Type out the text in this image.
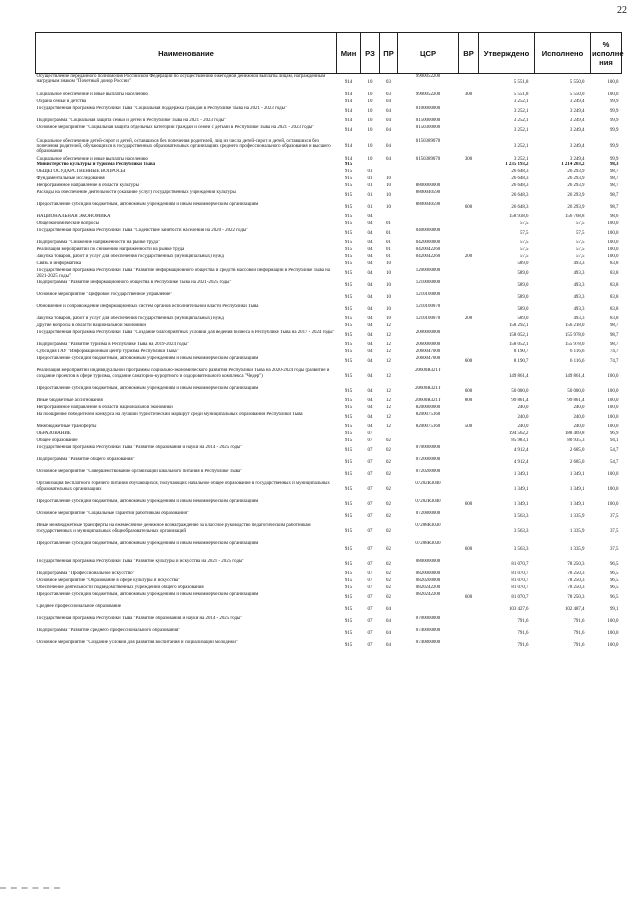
22
Наименование	Мин	РЗ	ПР	ЦСР	ВР	Утверждено	Исполнено	% исполне ния
Осуществление переданного полномочия Российской Федерации по осуществлению ежегодной денежной выплаты лицам, награжденным нагрудным знаком "Почетный донор России"	914	10	03	9900052200		5 551,8	5 550,0	100,0
Социальное обеспечение и иные выплаты населению	914	10	03	9900052200	300	5 551,8	5 550,0	100,0
Охрана семьи и детства	914	10	04			3 252,1	3 249,4	99,9
Государственная программа Республики Тыва "Социальная поддержка граждан в Республике Тыва на 2021 - 2023 годы"	914	10	04	0100000000		3 252,1	3 249,4	99,9
Подпрограмма "Социальная защита семьи и детей в Республике Тыва на 2021 - 2023 годы"	914	10	04	0150000000		3 252,1	3 249,4	99,9
Основное мероприятие "Социальная защита отдельных категорий граждан и семей с детьми в Республике Тыва на 2021 - 2023 годы"	914	10	04	0150300000		3 252,1	3 249,4	99,9
Социальное обеспечение детей-сирот и детей, оставшихся без попечения родителей, лиц из числа детей-сирот и детей, оставшихся без попечения родителей, обучающихся в государственных образовательных организациях среднего профессионального образования и высшего образования	914	10	04	0150389070		3 252,1	3 249,4	99,9
Социальное обеспечение и иные выплаты населению	914	10	04	0150389070	300	3 252,1	3 249,4	99,9
Министерство культуры и туризма Республики Тыва	915					1 235 193,2	1 214 203,2	98,3
ОБЩЕГОСУДАРСТВЕННЫЕ ВОПРОСЫ	915	01				26 648,3	26 293,9	98,7
Фундаментальные исследования	915	01	10			26 648,3	26 293,9	98,7
Непрограммное направление в области культуры	915	01	10	8800000000		26 648,3	26 293,9	98,7
Расходы на обеспечение деятельности (оказание услуг) государственных учреждений культуры	915	01	10	8800040590		26 648,3	26 293,9	98,7
Предоставление субсидий бюджетным, автономным учреждениям и иным некоммерческим организациям	915	01	10	8800040590	600	26 648,3	26 293,9	98,7
НАЦИОНАЛЬНАЯ ЭКОНОМИКА	915	04				158 938,6	156 768,8	98,6
Общеэкономические вопросы	915	04	01			57,5	57,5	100,0
Государственная программа Республики Тыва "Содействие занятости населения на 2020 - 2022 годы"	915	04	01	0400000000		57,5	57,5	100,0
Подпрограмма "Снижение напряженности на рынке труда"	915	04	01	0420000000		57,5	57,5	100,0
Реализация мероприятий по снижению напряженности на рынке труда	915	04	01	0420042260		57,5	57,5	100,0
Закупка товаров, работ и услуг для обеспечения государственных (муниципальных) нужд	915	04	01	0420042260	200	57,5	57,5	100,0
Связь и информатика	915	04	10			589,0	493,3	83,8
Государственная программа Республики Тыва "Развитие информационного общества и средств массовой информации в Республике Тыва на 2021-2025 годы"	915	04	10	1200000000		589,0	493,3	83,8
Подпрограмма "Развитие информационного общества в Республике Тыва на 2021-2025 годы"	915	04	10	1210000000		589,0	493,3	83,8
Основное мероприятие "Цифровое государственное управление"	915	04	10	1210100000		589,0	493,3	83,8
Обновление и сопровождение информационных систем органов исполнительной власти Республики Тыва	915	04	10	1210100070		589,0	493,3	83,8
Закупка товаров, работ и услуг для обеспечения государственных (муниципальных) нужд	915	04	10	1210100070	200	589,0	493,3	83,8
Другие вопросы в области национальной экономики	915	04	12			158 292,1	156 218,0	98,7
Государственная программа Республики Тыва "Создание благоприятных условий для ведения бизнеса в Республике Тыва на 2017 - 2024 годы"	915	04	12	2000000000		158 052,1	155 978,0	98,7
Подпрограмма "Развитие туризма в Республике Тыва на 2019-2024 годы"	915	04	12	2060000000		158 052,1	155 978,0	98,7
Субсидия ГАУ "Информационный центр туризма Республики Тыва"	915	04	12	2060047000		8 190,7	6 116,6	74,7
Предоставление субсидий бюджетным, автономным учреждениям и иным некоммерческим организациям	915	04	12	2060047000	600	8 190,7	6 116,6	74,7
Реализация мероприятий индивидуальной программы социально-экономического развития Республики Тыва на 2020-2024 годы (развитие и создание проектов в сфере туризма, создание санаторно-курортного и оздоровительного комплекса "Чедер")	915	04	12	20600R321T		149 861,4	149 861,4	100,0
Предоставление субсидий бюджетным, автономным учреждениям и иным некоммерческим организациям	915	04	12	20600R321T	600	50 000,0	50 000,0	100,0
Иные бюджетные ассигнования	915	04	12	20600R321T	800	99 861,4	99 861,4	100,0
Непрограммное направление в области национальной экономики	915	04	12	8200000000		240,0	240,0	100,0
На поощрение победителей конкурса на лучший туристический маршрут среди муниципальных образований Республики Тыва	915	04	12	8200075160		240,0	240,0	100,0
Межбюджетные трансферты	915	04	12	8200075160	500	240,0	240,0	100,0
ОБРАЗОВАНИЕ	915	07				194 562,2	188 469,8	96,9
Общее образование	915	07	02			85 983,1	80 935,3	94,1
Государственная программа Республики Тыва "Развитие образования и науки на 2014 - 2025 годы"	915	07	02	0700000000		4 912,4	2 685,0	54,7
Подпрограмма "Развитие общего образования"	915	07	02	0720000000		4 912,4	2 685,0	54,7
Основное мероприятие "Совершенствование организации школьного питания в Республике Тыва"	915	07	02	0720200000		1 349,1	1 349,1	100,0
Организация бесплатного горячего питания обучающихся, получающих начальное общее образование в государственных и муниципальных образовательных организациях	915	07	02	07202R3040		1 349,1	1 349,1	100,0
Предоставление субсидий бюджетным, автономным учреждениям и иным некоммерческим организациям	915	07	02	07202R3040	600	1 349,1	1 349,1	100,0
Основное мероприятие "Социальные гарантии работникам образования"	915	07	02	0720800000		3 563,3	1 335,9	37,5
Иные межбюджетные трансферты на ежемесячное денежное вознаграждение за классное руководство педагогическим работникам государственных и муниципальных общеобразовательных организаций	915	07	02	07208R3030		3 563,3	1 335,9	37,5
Предоставление субсидий бюджетным, автономным учреждениям и иным некоммерческим организациям	915	07	02	07208R3030	600	3 563,3	1 335,9	37,5
Государственная программа Республики Тыва "Развитие культуры и искусства на 2021 - 2025 годы"	915	07	02	0800000000		81 070,7	78 250,3	96,5
Подпрограмма "Профессиональное искусство"	915	07	02	0820000000		81 070,7	78 250,3	96,5
Основное мероприятие "Образование в сфере культуры и искусства"	915	07	02	0820200000		81 070,7	78 250,3	96,5
Обеспечение деятельности подведомственных учреждений общего образования	915	07	02	0820242200		81 070,7	78 250,3	96,5
Предоставление субсидий бюджетным, автономным учреждениям и иным некоммерческим организациям	915	07	02	0820242200	600	81 070,7	78 250,3	96,5
Среднее профессиональное образование	915	07	04			103 427,6	102 487,4	99,1
Государственная программа Республики Тыва "Развитие образования и науки на 2014 - 2025 годы"	915	07	04	0700000000		791,6	791,6	100,0
Подпрограмма "Развитие среднего профессионального образования"	915	07	04	0740000000		791,6	791,6	100,0
Основное мероприятие "Создание условий для развития воспитания и социализации молодежи"	915	07	04	0740800000		791,6	791,6	100,0
